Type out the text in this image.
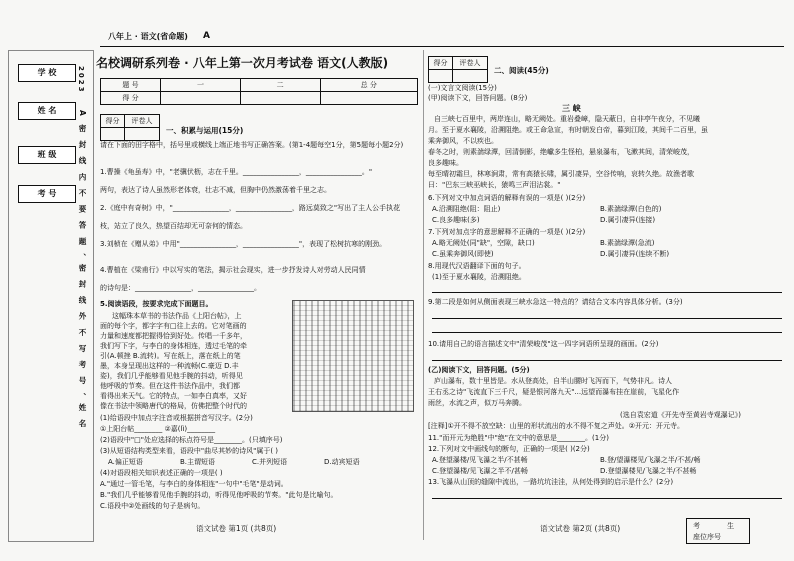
八年上 · 语文(省命题) A
学 校
姓 名
班 级
考 号
2023
A 密 封 线 内 不 要 答 题 、密 封 线 外 不 写 考 号 、姓 名
名校调研系列卷 · 八年上第一次月考试卷 语文(人教版)
题 号	一	二	总 分
得 分			
得分	评卷人

一、积累与运用(15分)
请在下面的田字格中，括号里或横线上端正地书写正确答案。(第1-4题每空1分，第5题每小题2分)
1.曹操《龟虽寿》中，"老骥伏枥，志在千里。________________，________________。"
两句，表达了诗人虽然形老体衰，壮志不减，但胸中仍然激荡着千里之志。
2.《庭中有奇树》中，"________________，________________，路远莫致之"写出了主人公手执花
枝，站立了良久，热望百结却无可奈何的情态。
3.刘桢在《赠从弟》中用"________________，________________"，表现了松树抗寒的刚劲。
4.曹植在《梁甫行》中以写实的笔法，揭示社会现实，进一步抒发诗人对劳动人民同情
的诗句是：________________，________________。
5.阅读语段，按要求完成下面题目。
这幅珠本草书的书法作品《上阳台帖》，上
面的每个字，都字字有□往上去的。它对笔画的
力量和速度都把握得恰到好处。传唱一千多年，
我们写下字，与李白的身体相连，透过毛笔的牵
引(A.顿挫 B.流转)。写在纸上，落在纸上的笔
墨，本身呈现出这样的一种流畅(C.豪迈 D.丰
姿)，我们几乎能够看见他手腕的抖动，听得见
他呼吸的节奏。但在这件书法作品中，我们都
看得出来天气。它的特点，一如李白真率，又好
像在书法中领略唐代的格局，仿佛把整个时代的
(1)给语段中加点字注音或根据拼音写汉字。(2分)
①上阳台帖________ ②嘉(lì)________
(2)语段中"□"处应选择的标点符号是________。(只填序号)
(3)从短语结构类型来看，语段中"曲尽其妙的诗风"属于( )
A.偏正短语	B.主谓短语	C.并列短语	D.动宾短语
(4)对语段相关知识表述正确的一项是( )
A."通过一管毛笔，与李白的身体相连"一句中"毛笔"是动词。
B."我们几乎能够看见他手腕的抖动，听得见他呼吸的节奏。"此句是比喻句。
C.语段中②处画线的句子是病句。
语文试卷 第1页 (共8页)
得分	评卷人

二、阅读(45分)
(一)文言文阅读(15分)
(甲)阅读下文，回答问题。(8分)
三 峡
自三峡七百里中，两岸连山，略无阙处。重岩叠嶂，隐天蔽日，自非亭午夜分，不见曦
月。至于夏水襄陵，沿溯阻绝。或王命急宣，有时朝发白帝，暮到江陵，其间千二百里，虽
乘奔御风，不以疾也。
春冬之时，则素湍绿潭，回清倒影，绝巘多生怪柏，悬泉瀑布，飞漱其间，清荣峻茂，
良多趣味。
每至晴初霜旦，林寒涧肃，常有高猿长啸，属引凄异，空谷传响，哀转久绝。故渔者歌
曰："巴东三峡巫峡长，猿鸣三声泪沾裳。"
6.下列对文中加点词语的解释有误的一项是( )(2分)
A.沿溯阻绝(阻：阻止)	B.素湍绿潭(白色的)
C.良多趣味(多)	D.属引凄异(连接)
7.下列对加点字的意思解释不正确的一项是( )(2分)
A.略无阙处(同"缺"，空隙，缺口)	B.素湍绿潭(急流)
C.虽乘奔御风(即使)	D.属引凄异(连续不断)
8.用现代汉语翻译下面的句子。
(1)至于夏水襄陵，沿溯阻绝。
9.第二段是如何从侧面表现三峡水急这一特点的？请结合文本内容具体分析。(3分)
10.请用自己的语言描述文中"清荣峻茂"这一四字词语所呈现的画面。(2分)
(乙)阅读下文，回答问题。(5分)
庐山瀑布，数十里皆是。水从登高处，自半山腰时飞泻而下，气势非凡。诗人
王右丞之诗"飞流直下三千尺，疑是银河落九天"...远望而瀑布挂在崖前，飞星化作
雨丝，水流之声，似万马奔腾。
(选自袁宏道《开先寺至黄岩寺观瀑记》)
[注释]①开不得不放空缺：山里的形状流出的水不得不复之声处。②开元：开元寺。
11."而开元为绝胜"中"绝"在文中的意思是________。(1分)
12.下列对文中画线句的断句，正确的一项是( )(2分)
A.登望瀑楼/见飞瀑之半/不甚畅	B.登/望瀑楼见/飞瀑之半/不甚/畅
C.登望瀑楼/见飞瀑之半不/甚畅	D.登望瀑楼见/飞瀑之半/不甚畅
13.飞瀑从山顶的缝隙中流出，一路坑坑洼洼，从何处得到的启示是什么？(2分)
考	生
座位序号
语文试卷 第2页 (共8页)
